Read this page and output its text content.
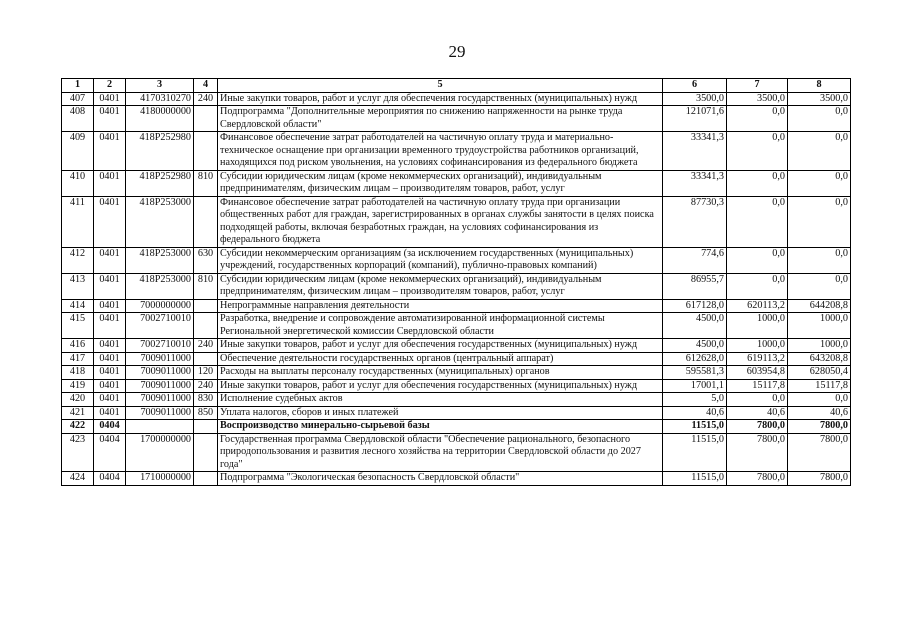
29
1	2	3	4	5	6	7	8
407	0401	4170310270	240	Иные закупки товаров, работ и услуг для обеспечения государственных (муниципальных) нужд	3500,0	3500,0	3500,0
408	0401	4180000000		Подпрограмма "Дополнительные мероприятия по снижению напряженности на рынке труда Свердловской области"	121071,6	0,0	0,0
409	0401	418Р252980		Финансовое обеспечение затрат работодателей на частичную оплату труда и материально-техническое оснащение при организации временного трудоустройства работников организаций, находящихся под риском увольнения, на условиях софинансирования из федерального бюджета	33341,3	0,0	0,0
410	0401	418Р252980	810	Субсидии юридическим лицам (кроме некоммерческих организаций), индивидуальным предпринимателям, физическим лицам – производителям товаров, работ, услуг	33341,3	0,0	0,0
411	0401	418Р253000		Финансовое обеспечение затрат работодателей на частичную оплату труда при организации общественных работ для граждан, зарегистрированных в органах службы занятости в целях поиска подходящей работы, включая безработных граждан, на условиях софинансирования из федерального бюджета	87730,3	0,0	0,0
412	0401	418Р253000	630	Субсидии некоммерческим организациям (за исключением государственных (муниципальных) учреждений, государственных корпораций (компаний), публично-правовых компаний)	774,6	0,0	0,0
413	0401	418Р253000	810	Субсидии юридическим лицам (кроме некоммерческих организаций), индивидуальным предпринимателям, физическим лицам – производителям товаров, работ, услуг	86955,7	0,0	0,0
414	0401	7000000000		Непрограммные направления деятельности	617128,0	620113,2	644208,8
415	0401	7002710010		Разработка, внедрение и сопровождение автоматизированной информационной системы Региональной энергетической комиссии Свердловской области	4500,0	1000,0	1000,0
416	0401	7002710010	240	Иные закупки товаров, работ и услуг для обеспечения государственных (муниципальных) нужд	4500,0	1000,0	1000,0
417	0401	7009011000		Обеспечение деятельности государственных органов (центральный аппарат)	612628,0	619113,2	643208,8
418	0401	7009011000	120	Расходы на выплаты персоналу государственных (муниципальных) органов	595581,3	603954,8	628050,4
419	0401	7009011000	240	Иные закупки товаров, работ и услуг для обеспечения государственных (муниципальных) нужд	17001,1	15117,8	15117,8
420	0401	7009011000	830	Исполнение судебных актов	5,0	0,0	0,0
421	0401	7009011000	850	Уплата налогов, сборов и иных платежей	40,6	40,6	40,6
422	0404			Воспроизводство минерально-сырьевой базы	11515,0	7800,0	7800,0
423	0404	1700000000		Государственная программа Свердловской области "Обеспечение рационального, безопасного природопользования и развития лесного хозяйства на территории Свердловской области до 2027 года"	11515,0	7800,0	7800,0
424	0404	1710000000		Подпрограмма "Экологическая безопасность Свердловской области"	11515,0	7800,0	7800,0
